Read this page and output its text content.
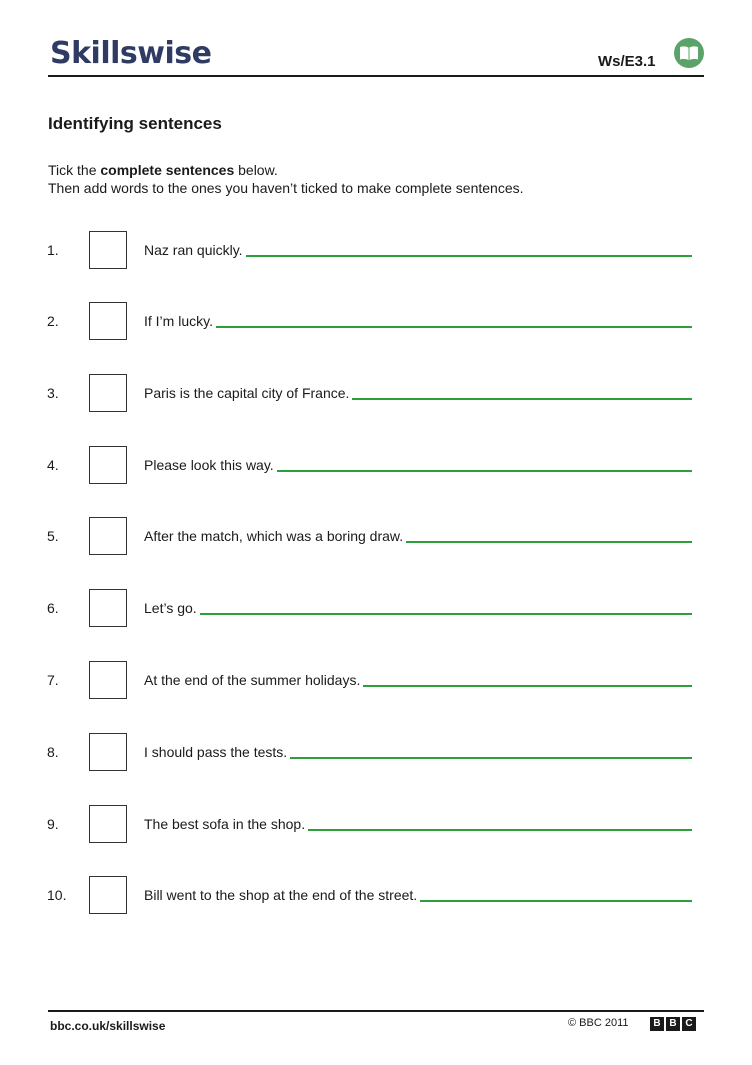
Skillswise	Ws/E3.1
Identifying sentences
Tick the complete sentences below.
Then add words to the ones you haven’t ticked to make complete sentences.
1.	Naz ran quickly.
2.	If I’m lucky.
3.	Paris is the capital city of France.
4.	Please look this way.
5.	After the match, which was a boring draw.
6.	Let’s go.
7.	At the end of the summer holidays.
8.	I should pass the tests.
9.	The best sofa in the shop.
10.	Bill went to the shop at the end of the street.
bbc.co.uk/skillswise	© BBC 2011	B B C
